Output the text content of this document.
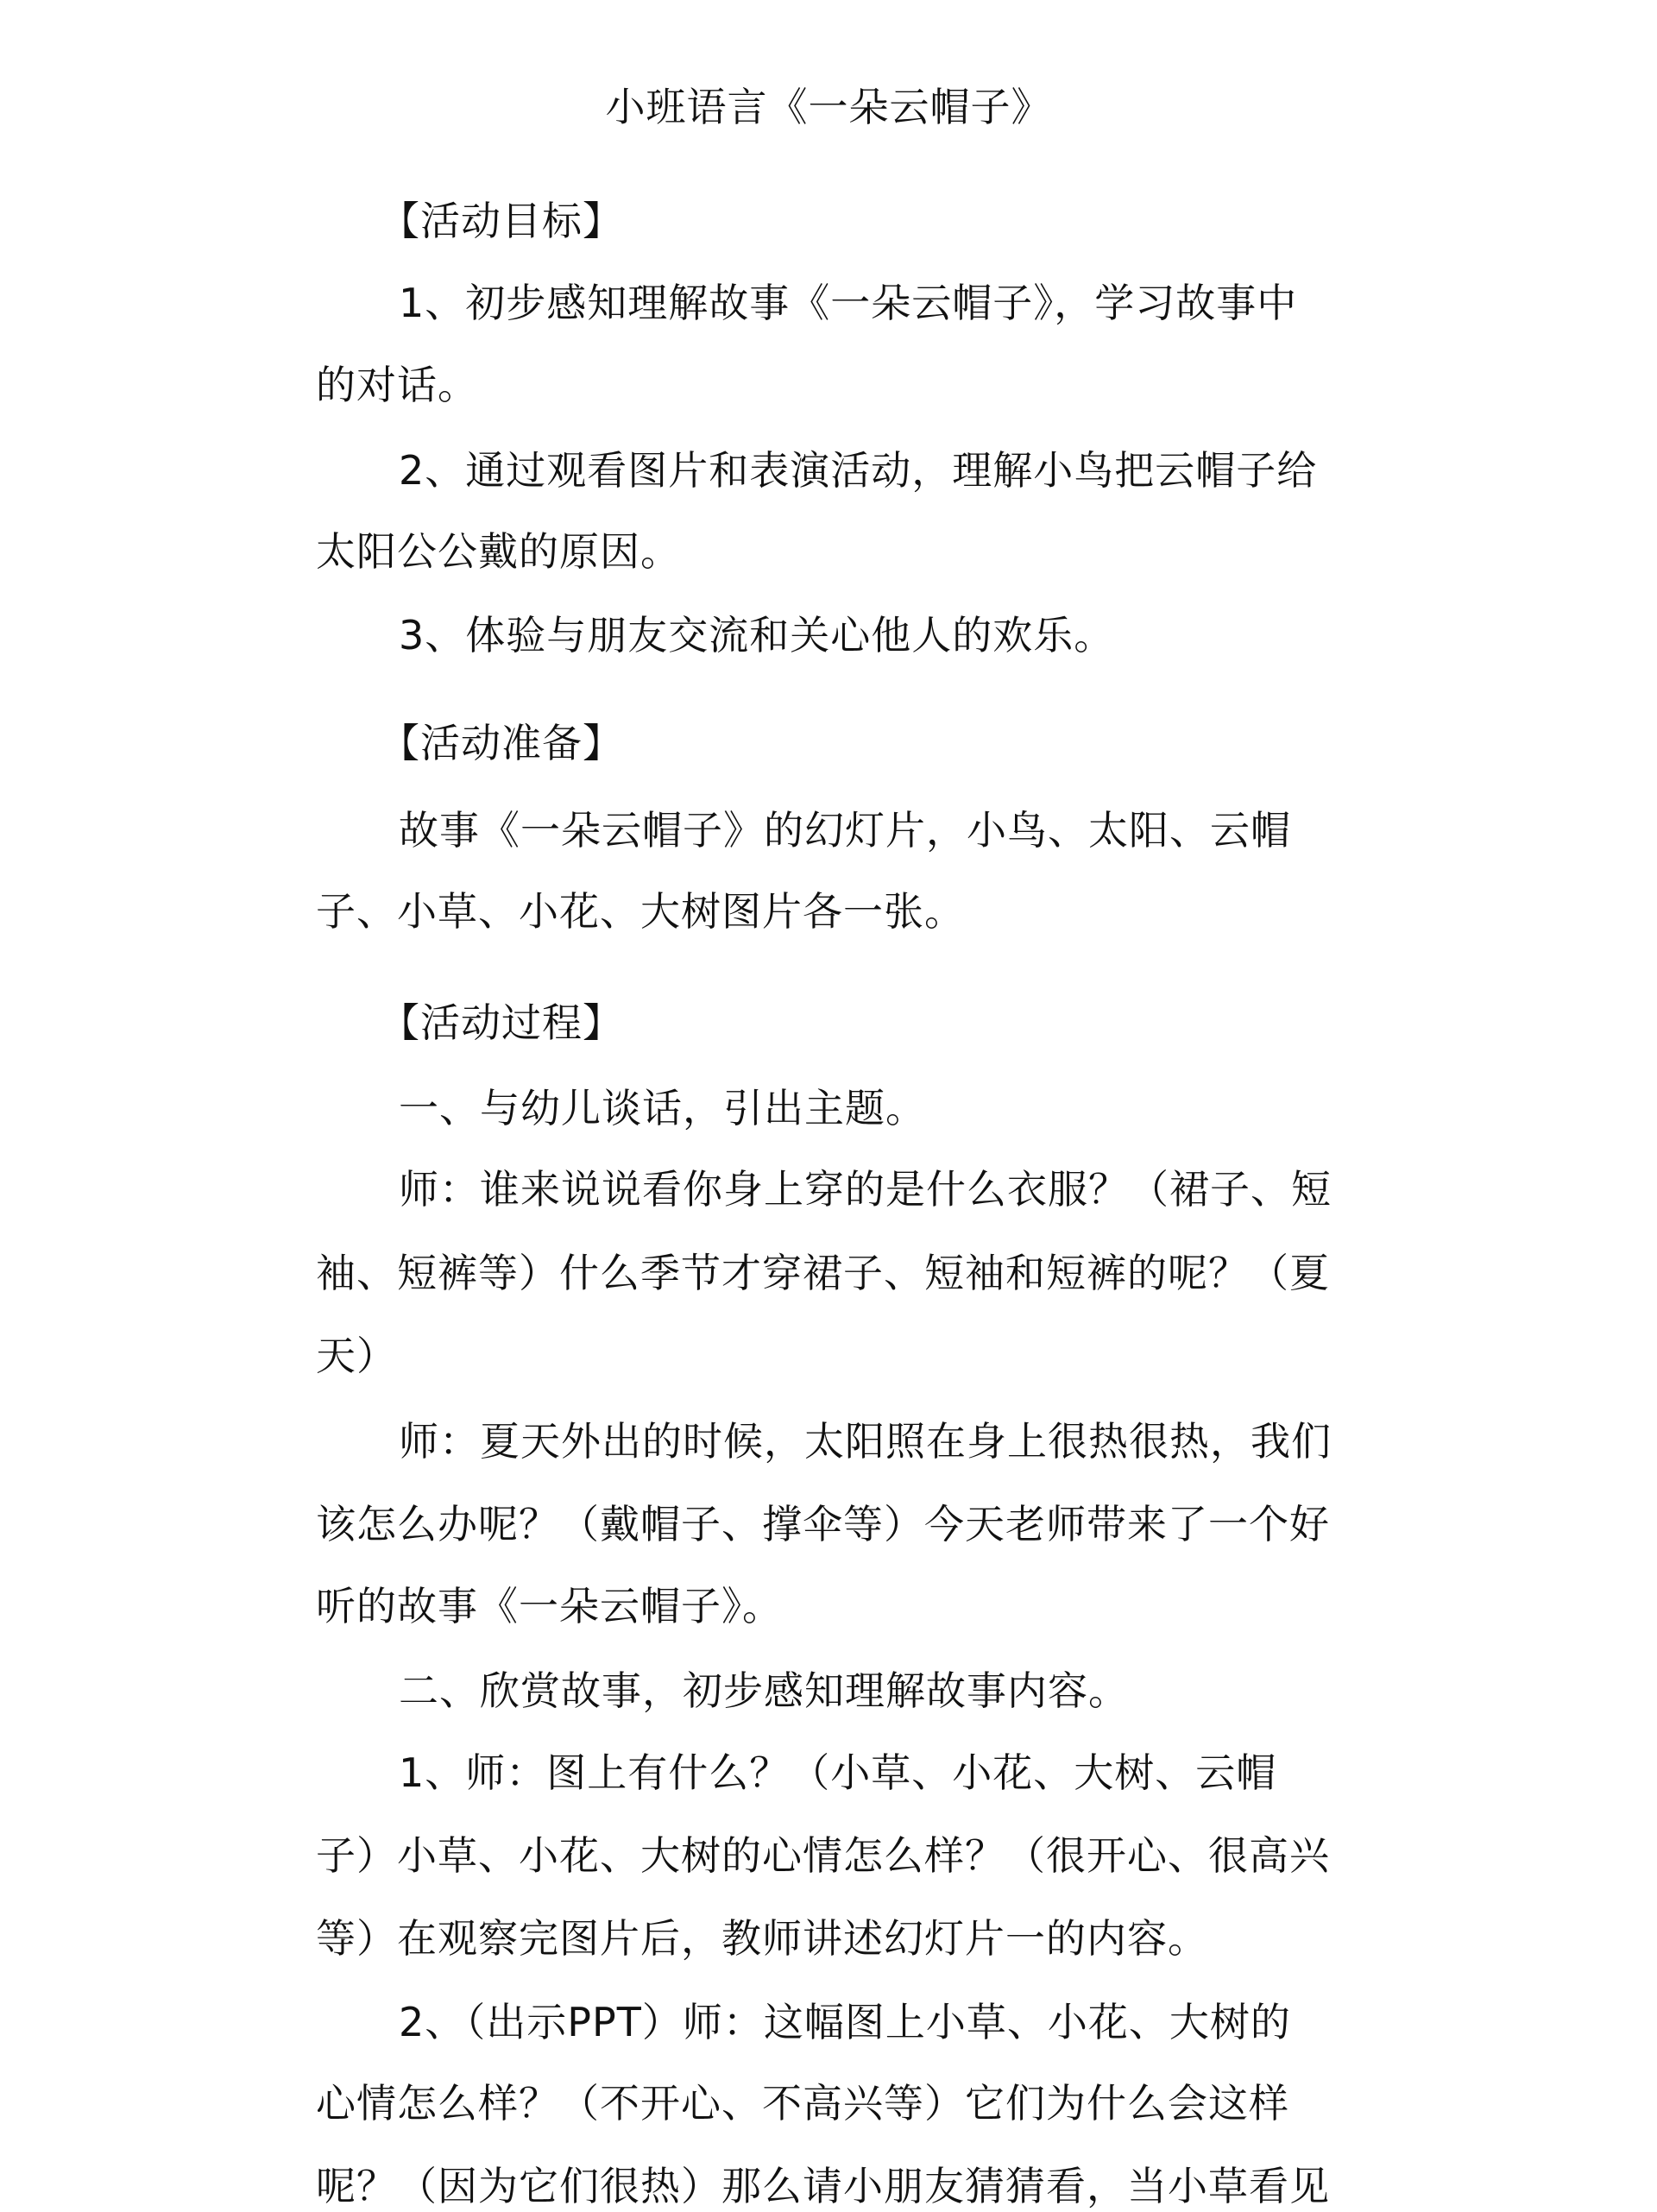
小班语言《一朵云帽子》
【活动目标】
1、初步感知理解故事《一朵云帽子》，学习故事中
的对话。
2、通过观看图片和表演活动，理解小鸟把云帽子给
太阳公公戴的原因。
3、体验与朋友交流和关心他人的欢乐。
【活动准备】
故事《一朵云帽子》的幻灯片，小鸟、太阳、云帽
子、小草、小花、大树图片各一张。
【活动过程】
一、与幼儿谈话，引出主题。
师：谁来说说看你身上穿的是什么衣服？（裙子、短
袖、短裤等）什么季节才穿裙子、短袖和短裤的呢？（夏
天）
师：夏天外出的时候，太阳照在身上很热很热，我们
该怎么办呢？（戴帽子、撑伞等）今天老师带来了一个好
听的故事《一朵云帽子》。
二、欣赏故事，初步感知理解故事内容。
1、师：图上有什么？（小草、小花、大树、云帽
子）小草、小花、大树的心情怎么样？（很开心、很高兴
等）在观察完图片后，教师讲述幻灯片一的内容。
2、（出示PPT）师：这幅图上小草、小花、大树的
心情怎么样？（不开心、不高兴等）它们为什么会这样
呢？（因为它们很热）那么请小朋友猜猜看，当小草看见
